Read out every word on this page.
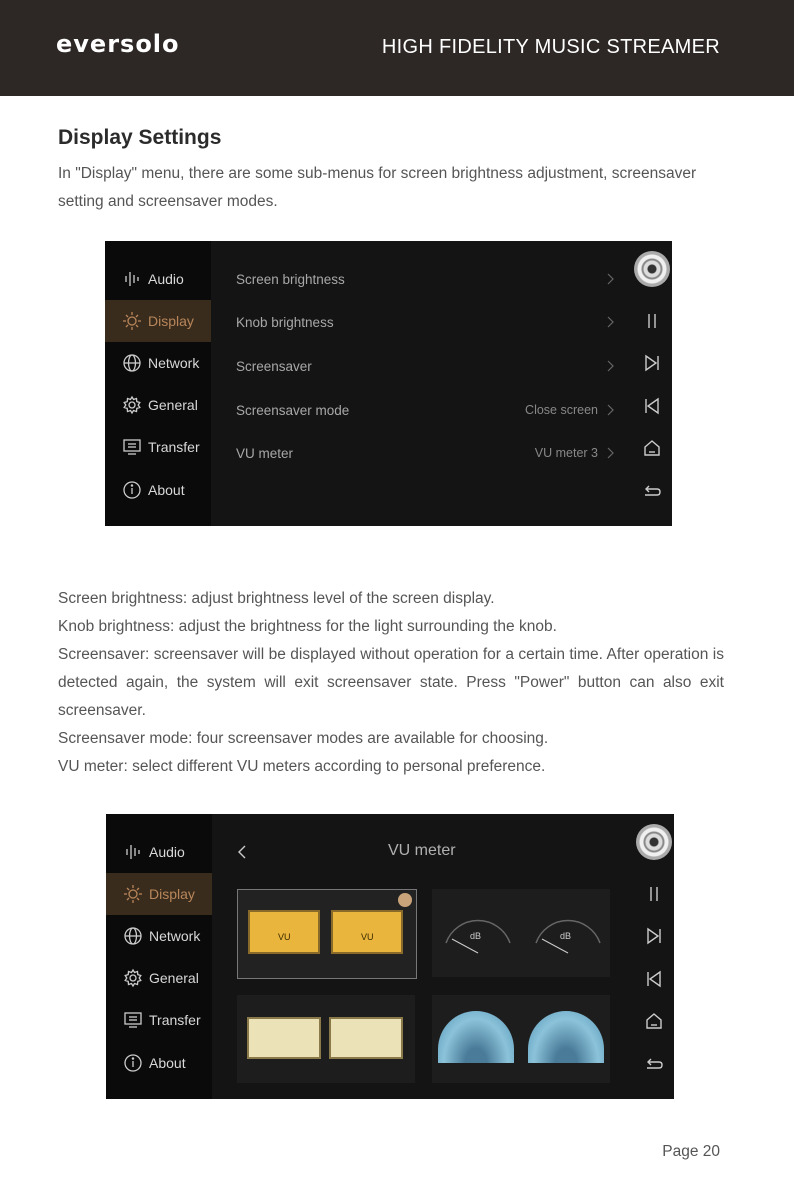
eversolo	HIGH FIDELITY MUSIC STREAMER
Display Settings
In "Display" menu, there are some sub-menus for screen brightness adjustment, screensaver setting and screensaver modes.
Audio
Display
Network
General
Transfer
About
Screen brightness
Knob brightness
Screensaver
Screensaver mode	Close screen
VU meter	VU meter 3

Screen brightness: adjust brightness level of the screen display.

Knob brightness: adjust the brightness for the light surrounding the knob.

Screensaver: screensaver will be displayed without operation for a certain time. After operation is detected again, the system will exit screensaver state. Press "Power" button can also exit screensaver.

Screensaver mode: four screensaver modes are available for choosing.

VU meter: select different VU meters according to personal preference.

Audio
Display
Network
General
Transfer
About
VU meter
VU	VU	dB	dB
Page 20
